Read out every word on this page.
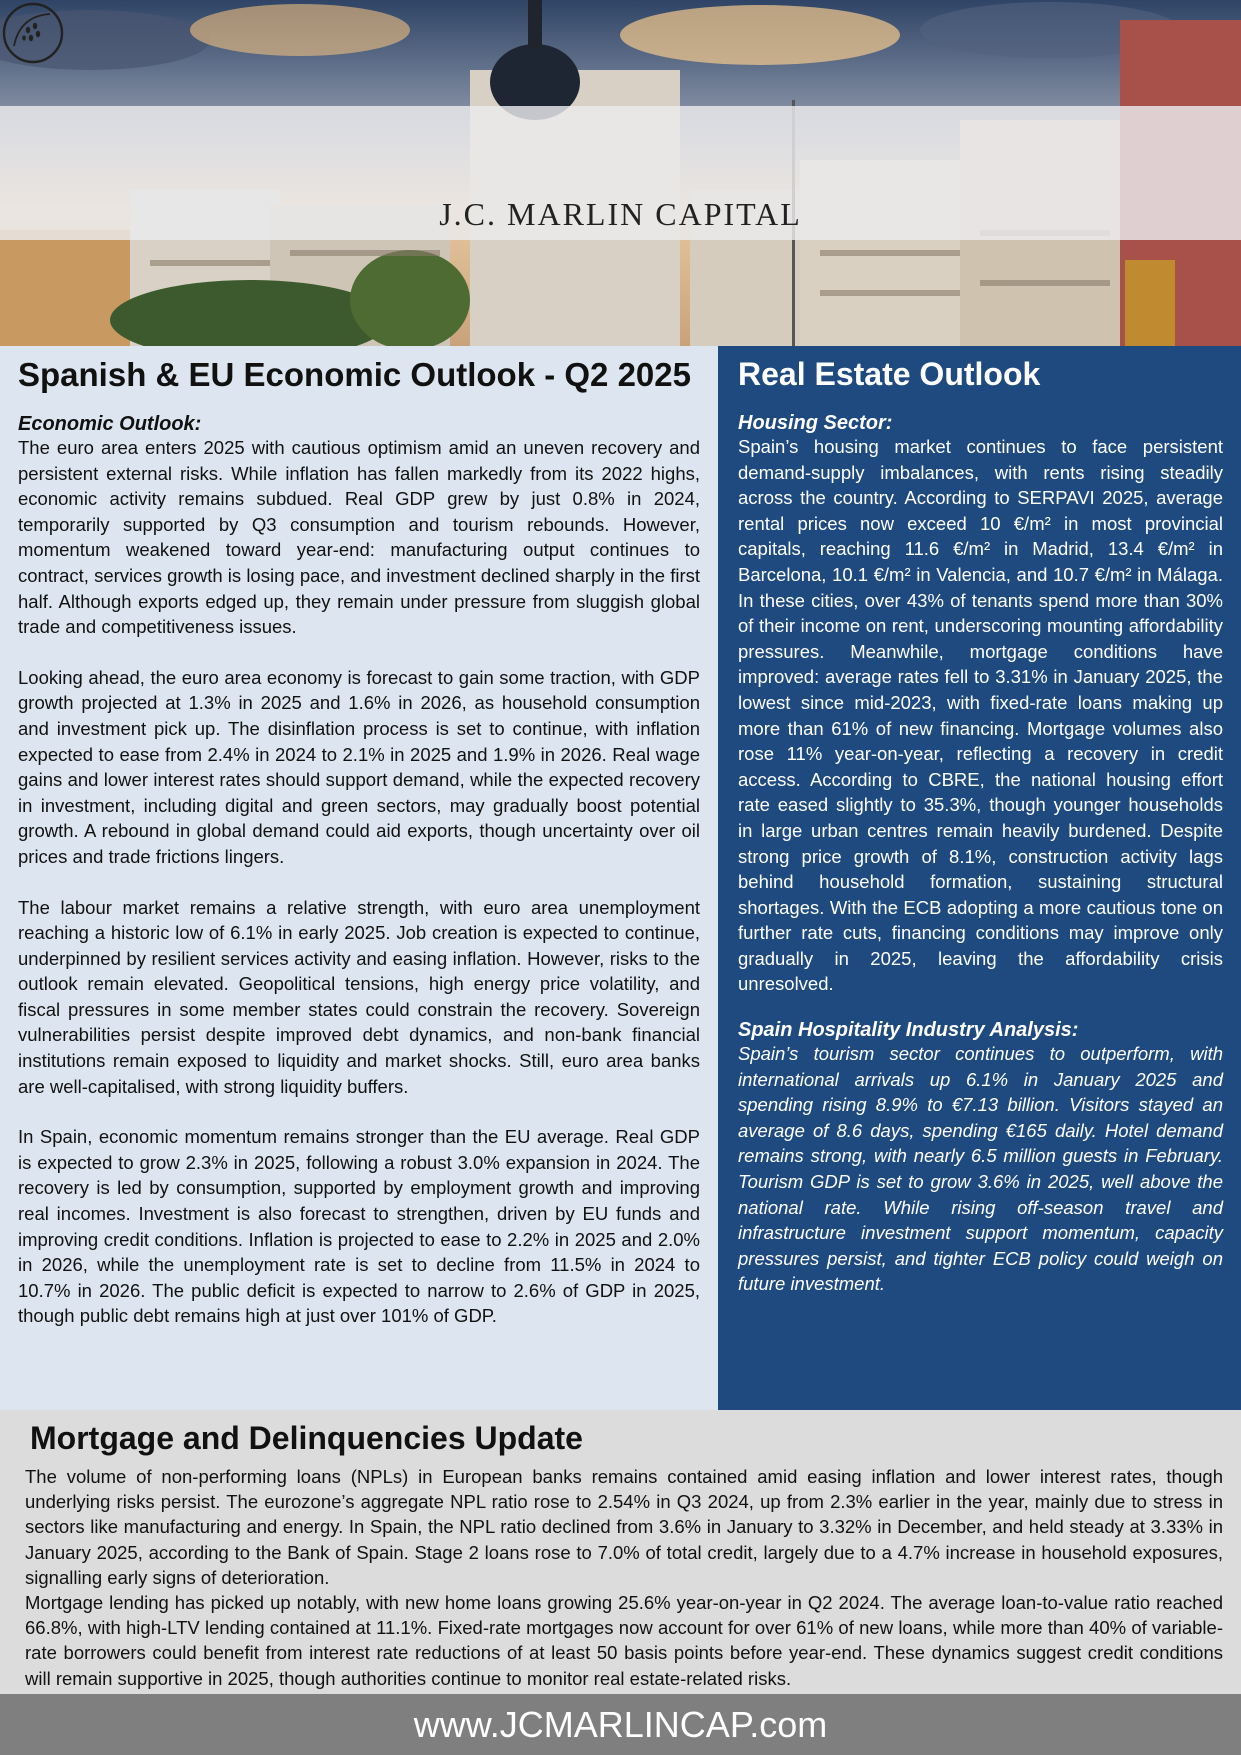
J.C. MARLIN CAPITAL
Spanish & EU Economic Outlook - Q2 2025
Economic Outlook:

The euro area enters 2025 with cautious optimism amid an uneven recovery and persistent external risks. While inflation has fallen markedly from its 2022 highs, economic activity remains subdued. Real GDP grew by just 0.8% in 2024, temporarily supported by Q3 consumption and tourism rebounds. However, momentum weakened toward year-end: manufacturing output continues to contract, services growth is losing pace, and investment declined sharply in the first half. Although exports edged up, they remain under pressure from sluggish global trade and competitiveness issues.

Looking ahead, the euro area economy is forecast to gain some traction, with GDP growth projected at 1.3% in 2025 and 1.6% in 2026, as household consumption and investment pick up. The disinflation process is set to continue, with inflation expected to ease from 2.4% in 2024 to 2.1% in 2025 and 1.9% in 2026. Real wage gains and lower interest rates should support demand, while the expected recovery in investment, including digital and green sectors, may gradually boost potential growth. A rebound in global demand could aid exports, though uncertainty over oil prices and trade frictions lingers.

The labour market remains a relative strength, with euro area unemployment reaching a historic low of 6.1% in early 2025. Job creation is expected to continue, underpinned by resilient services activity and easing inflation. However, risks to the outlook remain elevated. Geopolitical tensions, high energy price volatility, and fiscal pressures in some member states could constrain the recovery. Sovereign vulnerabilities persist despite improved debt dynamics, and non-bank financial institutions remain exposed to liquidity and market shocks. Still, euro area banks are well-capitalised, with strong liquidity buffers.

In Spain, economic momentum remains stronger than the EU average. Real GDP is expected to grow 2.3% in 2025, following a robust 3.0% expansion in 2024. The recovery is led by consumption, supported by employment growth and improving real incomes. Investment is also forecast to strengthen, driven by EU funds and improving credit conditions. Inflation is projected to ease to 2.2% in 2025 and 2.0% in 2026, while the unemployment rate is set to decline from 11.5% in 2024 to 10.7% in 2026. The public deficit is expected to narrow to 2.6% of GDP in 2025, though public debt remains high at just over 101% of GDP.

Real Estate Outlook
Housing Sector:

Spain’s housing market continues to face persistent demand-supply imbalances, with rents rising steadily across the country. According to SERPAVI 2025, average rental prices now exceed 10 €/m² in most provincial capitals, reaching 11.6 €/m² in Madrid, 13.4 €/m² in Barcelona, 10.1 €/m² in Valencia, and 10.7 €/m² in Málaga. In these cities, over 43% of tenants spend more than 30% of their income on rent, underscoring mounting affordability pressures. Meanwhile, mortgage conditions have improved: average rates fell to 3.31% in January 2025, the lowest since mid-2023, with fixed-rate loans making up more than 61% of new financing. Mortgage volumes also rose 11% year-on-year, reflecting a recovery in credit access. According to CBRE, the national housing effort rate eased slightly to 35.3%, though younger households in large urban centres remain heavily burdened. Despite strong price growth of 8.1%, construction activity lags behind household formation, sustaining structural shortages. With the ECB adopting a more cautious tone on further rate cuts, financing conditions may improve only gradually in 2025, leaving the affordability crisis unresolved.

Spain Hospitality Industry Analysis:

Spain’s tourism sector continues to outperform, with international arrivals up 6.1% in January 2025 and spending rising 8.9% to €7.13 billion. Visitors stayed an average of 8.6 days, spending €165 daily. Hotel demand remains strong, with nearly 6.5 million guests in February. Tourism GDP is set to grow 3.6% in 2025, well above the national rate. While rising off-season travel and infrastructure investment support momentum, capacity pressures persist, and tighter ECB policy could weigh on future investment.

Mortgage and Delinquencies Update

The volume of non-performing loans (NPLs) in European banks remains contained amid easing inflation and lower interest rates, though underlying risks persist. The eurozone’s aggregate NPL ratio rose to 2.54% in Q3 2024, up from 2.3% earlier in the year, mainly due to stress in sectors like manufacturing and energy. In Spain, the NPL ratio declined from 3.6% in January to 3.32% in December, and held steady at 3.33% in January 2025, according to the Bank of Spain. Stage 2 loans rose to 7.0% of total credit, largely due to a 4.7% increase in household exposures, signalling early signs of deterioration.

Mortgage lending has picked up notably, with new home loans growing 25.6% year-on-year in Q2 2024. The average loan-to-value ratio reached 66.8%, with high-LTV lending contained at 11.1%. Fixed-rate mortgages now account for over 61% of new loans, while more than 40% of variable-rate borrowers could benefit from interest rate reductions of at least 50 basis points before year-end. These dynamics suggest credit conditions will remain supportive in 2025, though authorities continue to monitor real estate-related risks.

www.JCMARLINCAP.com
